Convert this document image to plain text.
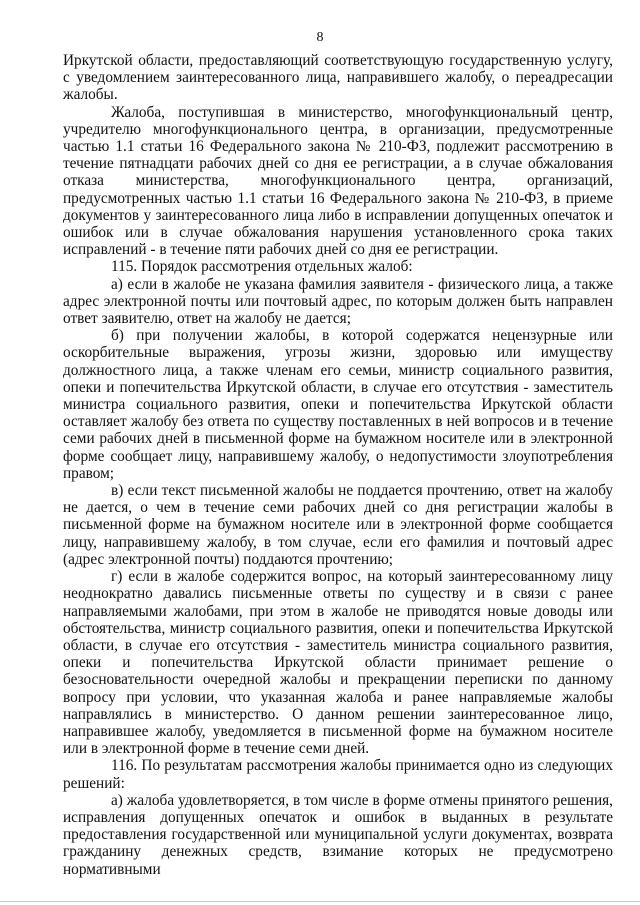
8

Иркутской области, предоставляющий соответствующую государственную услугу, с уведомлением заинтересованного лица, направившего жалобу, о переадресации жалобы.

Жалоба, поступившая в министерство, многофункциональный центр, учредителю многофункционального центра, в организации, предусмотренные частью 1.1 статьи 16 Федерального закона № 210-ФЗ, подлежит рассмотрению в течение пятнадцати рабочих дней со дня ее регистрации, а в случае обжалования отказа министерства, многофункционального центра, организаций, предусмотренных частью 1.1 статьи 16 Федерального закона № 210-ФЗ, в приеме документов у заинтересованного лица либо в исправлении допущенных опечаток и ошибок или в случае обжалования нарушения установленного срока таких исправлений - в течение пяти рабочих дней со дня ее регистрации.

115. Порядок рассмотрения отдельных жалоб:

а) если в жалобе не указана фамилия заявителя - физического лица, а также адрес электронной почты или почтовый адрес, по которым должен быть направлен ответ заявителю, ответ на жалобу не дается;

б) при получении жалобы, в которой содержатся нецензурные или оскорбительные выражения, угрозы жизни, здоровью или имуществу должностного лица, а также членам его семьи, министр социального развития, опеки и попечительства Иркутской области, в случае его отсутствия - заместитель министра социального развития, опеки и попечительства Иркутской области оставляет жалобу без ответа по существу поставленных в ней вопросов и в течение семи рабочих дней в письменной форме на бумажном носителе или в электронной форме сообщает лицу, направившему жалобу, о недопустимости злоупотребления правом;

в) если текст письменной жалобы не поддается прочтению, ответ на жалобу не дается, о чем в течение семи рабочих дней со дня регистрации жалобы в письменной форме на бумажном носителе или в электронной форме сообщается лицу, направившему жалобу, в том случае, если его фамилия и почтовый адрес (адрес электронной почты) поддаются прочтению;

г) если в жалобе содержится вопрос, на который заинтересованному лицу неоднократно давались письменные ответы по существу и в связи с ранее направляемыми жалобами, при этом в жалобе не приводятся новые доводы или обстоятельства, министр социального развития, опеки и попечительства Иркутской области, в случае его отсутствия - заместитель министра социального развития, опеки и попечительства Иркутской области принимает решение о безосновательности очередной жалобы и прекращении переписки по данному вопросу при условии, что указанная жалоба и ранее направляемые жалобы направлялись в министерство. О данном решении заинтересованное лицо, направившее жалобу, уведомляется в письменной форме на бумажном носителе или в электронной форме в течение семи дней.

116. По результатам рассмотрения жалобы принимается одно из следующих решений:

а) жалоба удовлетворяется, в том числе в форме отмены принятого решения, исправления допущенных опечаток и ошибок в выданных в результате предоставления государственной или муниципальной услуги документах, возврата гражданину денежных средств, взимание которых не предусмотрено нормативными
